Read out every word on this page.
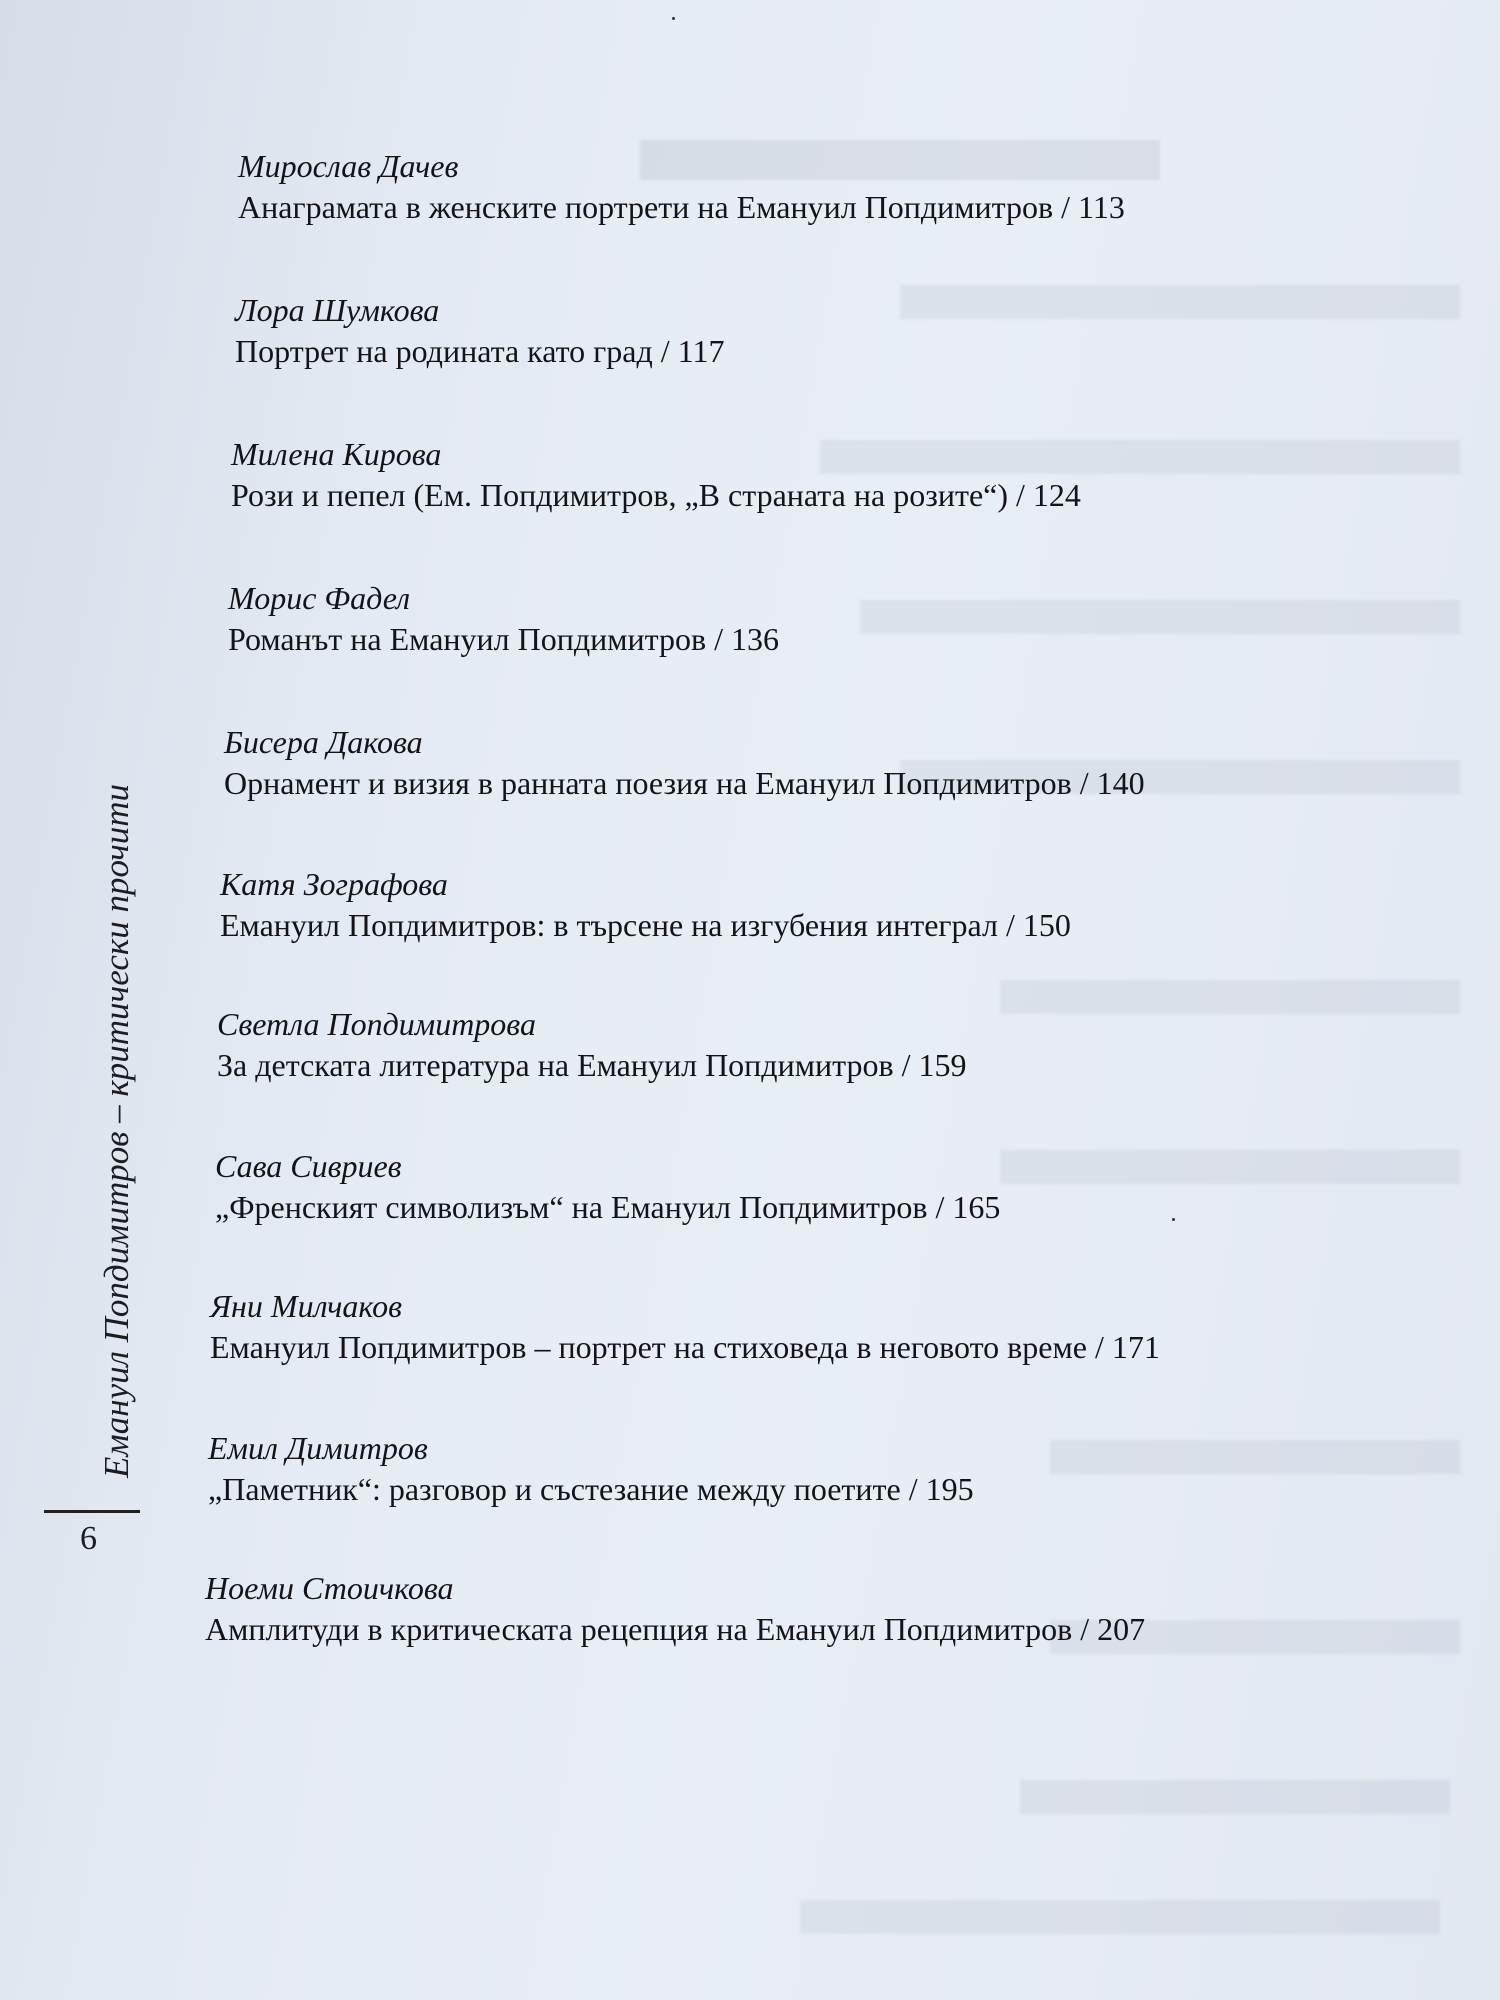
Емануил Попдимитров – критически прочити
6
Мирослав Дачев
Анаграмата в женските портрети на Емануил Попдимитров / 113
Лора Шумкова
Портрет на родината като град / 117
Милена Кирова
Рози и пепел (Ем. Попдимитров, „В страната на розите“) / 124
Морис Фадел
Романът на Емануил Попдимитров / 136
Бисера Дакова
Орнамент и визия в ранната поезия на Емануил Попдимитров / 140
Катя Зографова
Емануил Попдимитров: в търсене на изгубения интеграл / 150
Светла Попдимитрова
За детската литература на Емануил Попдимитров / 159
Сава Сивриев
„Френският символизъм“ на Емануил Попдимитров / 165
Яни Милчаков
Емануил Попдимитров – портрет на стиховеда в неговото време / 171
Емил Димитров
„Паметник“: разговор и състезание между поетите / 195
Ноеми Стоичкова
Амплитуди в критическата рецепция на Емануил Попдимитров / 207
